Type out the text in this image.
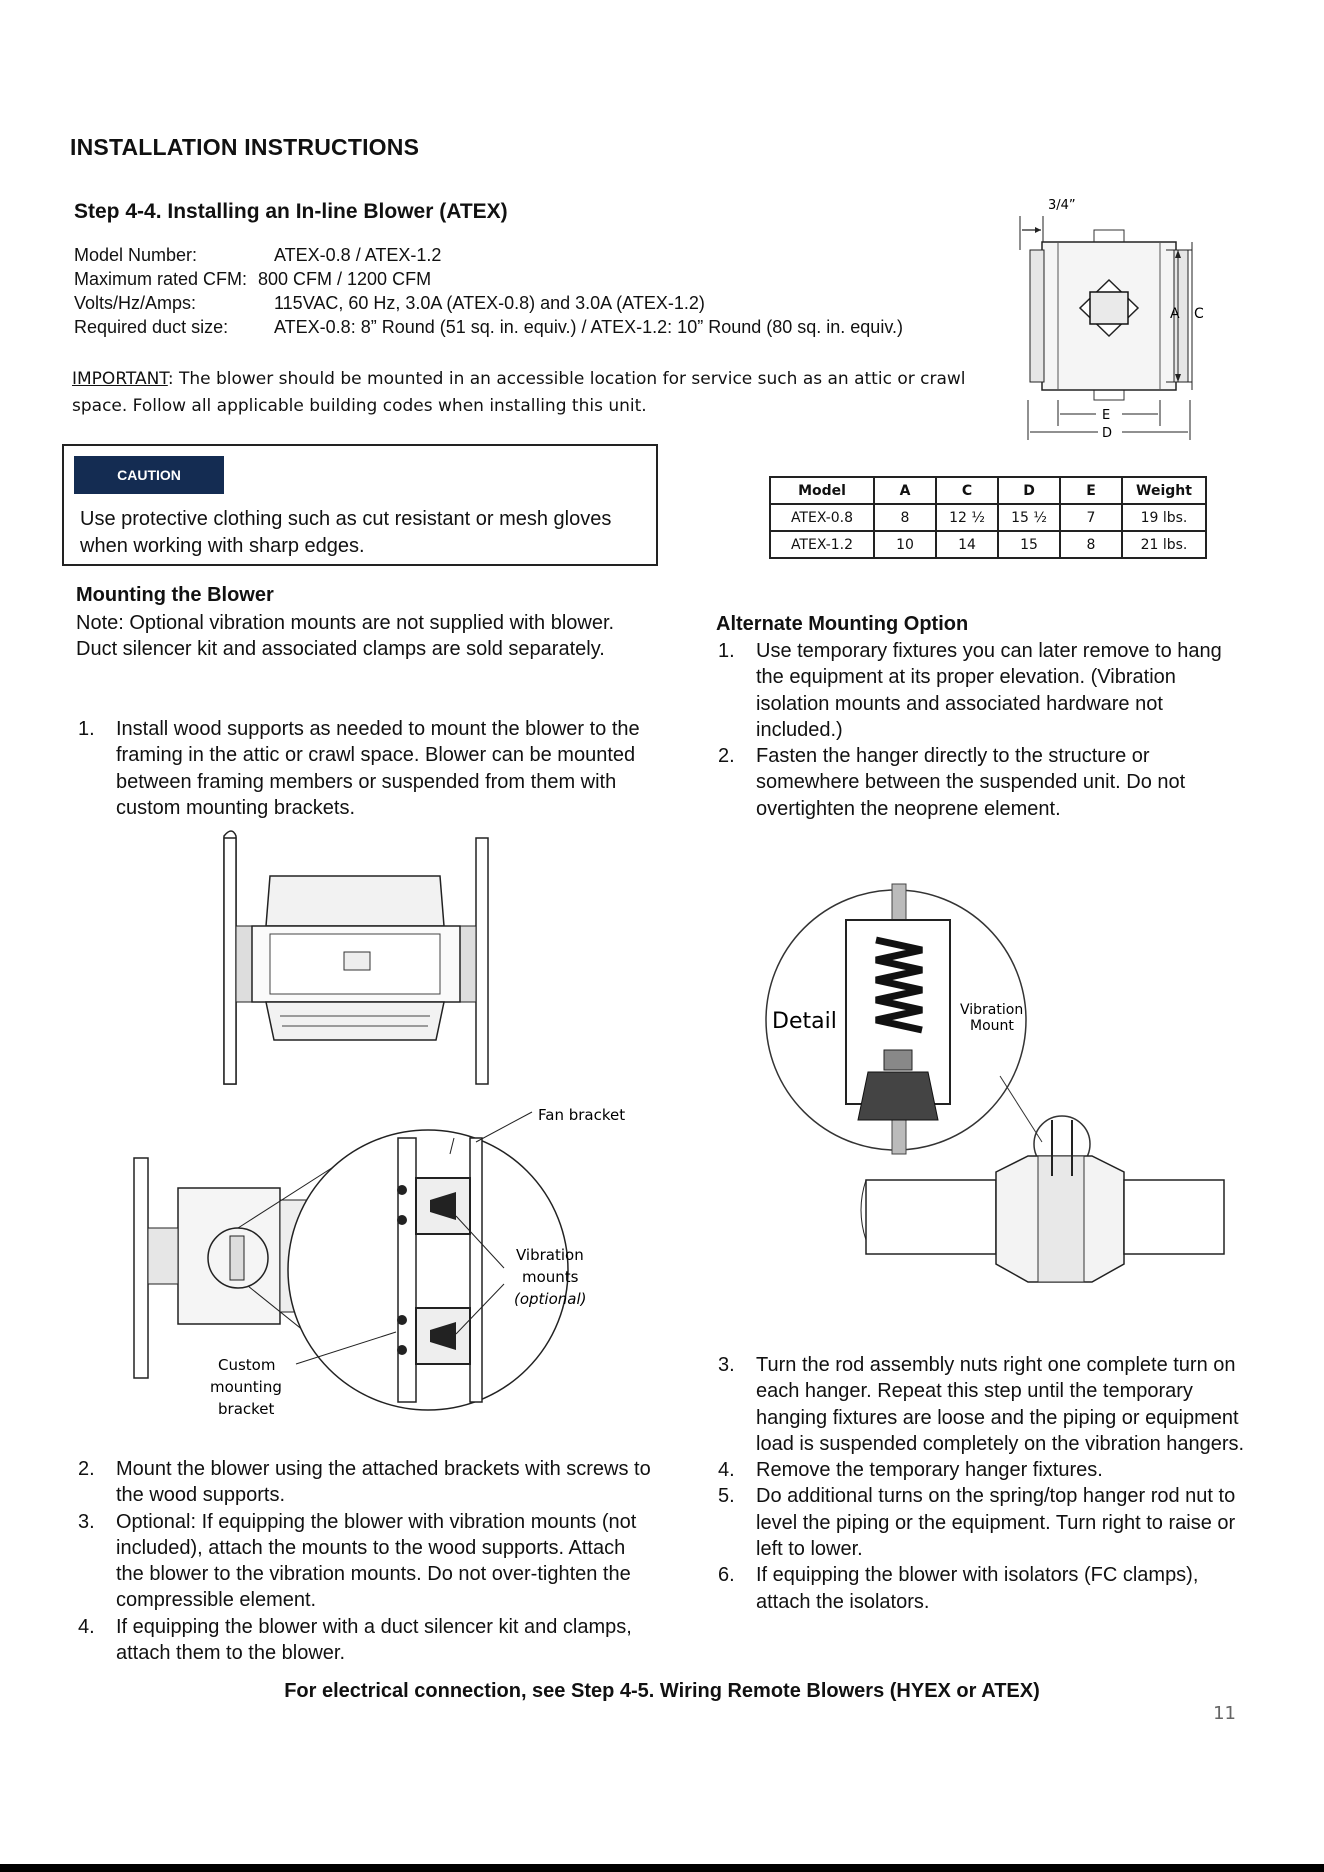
INSTALLATION INSTRUCTIONS
Step 4-4. Installing an In-line Blower (ATEX)
Model Number:	ATEX-0.8 / ATEX-1.2
Maximum rated CFM: 800 CFM / 1200 CFM
Volts/Hz/Amps:	115VAC, 60 Hz, 3.0A (ATEX-0.8) and 3.0A (ATEX-1.2)
Required duct size:	ATEX-0.8: 8” Round (51 sq. in. equiv.) / ATEX-1.2: 10” Round (80 sq. in. equiv.)
IMPORTANT: The blower should be mounted in an accessible location for service such as an attic or crawl space. Follow all applicable building codes when installing this unit.
3/4”
A C
E
D
CAUTION
Use protective clothing such as cut resistant or mesh gloves when working with sharp edges.
Model	A	C	D	E	Weight
ATEX-0.8	8	12 ½	15 ½	7	19 lbs.
ATEX-1.2	10	14	15	8	21 lbs.
Mounting the Blower
Note: Optional vibration mounts are not supplied with blower. Duct silencer kit and associated clamps are sold separately.
1. Install wood supports as needed to mount the blower to the framing in the attic or crawl space. Blower can be mounted between framing members or suspended from them with custom mounting brackets.
Fan bracket
Vibration
mounts
(optional)
Custom
mounting
bracket
2. Mount the blower using the attached brackets with screws to the wood supports.
3. Optional: If equipping the blower with vibration mounts (not included), attach the mounts to the wood supports. Attach the blower to the vibration mounts. Do not over-tighten the compressible element.
4. If equipping the blower with a duct silencer kit and clamps, attach them to the blower.
Alternate Mounting Option
1. Use temporary fixtures you can later remove to hang the equipment at its proper elevation. (Vibration isolation mounts and associated hardware not included.)
2. Fasten the hanger directly to the structure or somewhere between the suspended unit. Do not overtighten the neoprene element.
Detail	Vibration
Mount
3. Turn the rod assembly nuts right one complete turn on each hanger. Repeat this step until the temporary hanging fixtures are loose and the piping or equipment load is suspended completely on the vibration hangers.
4. Remove the temporary hanger fixtures.
5. Do additional turns on the spring/top hanger rod nut to level the piping or the equipment. Turn right to raise or left to lower.
6. If equipping the blower with isolators (FC clamps), attach the isolators.
For electrical connection, see Step 4-5. Wiring Remote Blowers (HYEX or ATEX)
11
